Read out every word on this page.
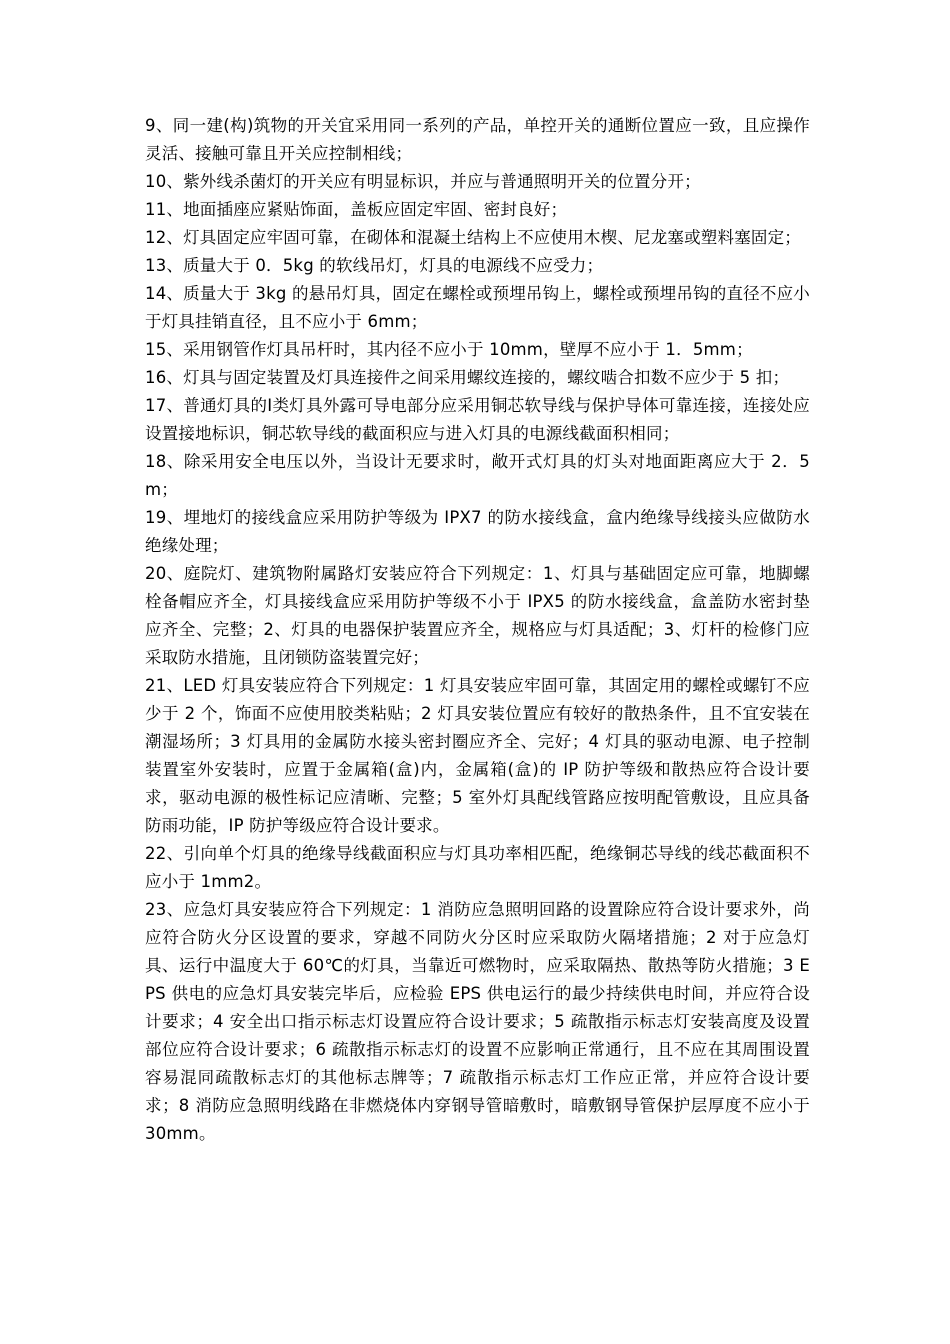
9、同一建(构)筑物的开关宜采用同一系列的产品，单控开关的通断位置应一致，且应操作灵活、接触可靠且开关应控制相线；

10、紫外线杀菌灯的开关应有明显标识，并应与普通照明开关的位置分开；

11、地面插座应紧贴饰面，盖板应固定牢固、密封良好；

12、灯具固定应牢固可靠，在砌体和混凝土结构上不应使用木楔、尼龙塞或塑料塞固定；

13、质量大于 0．5kg 的软线吊灯，灯具的电源线不应受力；

14、质量大于 3kg 的悬吊灯具，固定在螺栓或预埋吊钩上，螺栓或预埋吊钩的直径不应小于灯具挂销直径，且不应小于 6mm；

15、采用钢管作灯具吊杆时，其内径不应小于 10mm，壁厚不应小于 1．5mm；

16、灯具与固定装置及灯具连接件之间采用螺纹连接的，螺纹啮合扣数不应少于 5 扣；

17、普通灯具的Ⅰ类灯具外露可导电部分应采用铜芯软导线与保护导体可靠连接，连接处应设置接地标识，铜芯软导线的截面积应与进入灯具的电源线截面积相同；

18、除采用安全电压以外，当设计无要求时，敞开式灯具的灯头对地面距离应大于 2．5m；

19、埋地灯的接线盒应采用防护等级为 IPX7 的防水接线盒，盒内绝缘导线接头应做防水绝缘处理；

20、庭院灯、建筑物附属路灯安装应符合下列规定：1、灯具与基础固定应可靠，地脚螺栓备帽应齐全，灯具接线盒应采用防护等级不小于 IPX5 的防水接线盒，盒盖防水密封垫应齐全、完整；2、灯具的电器保护装置应齐全，规格应与灯具适配；3、灯杆的检修门应采取防水措施，且闭锁防盗装置完好；

21、LED 灯具安装应符合下列规定：1 灯具安装应牢固可靠，其固定用的螺栓或螺钉不应少于 2 个，饰面不应使用胶类粘贴；2 灯具安装位置应有较好的散热条件，且不宜安装在潮湿场所；3 灯具用的金属防水接头密封圈应齐全、完好；4 灯具的驱动电源、电子控制装置室外安装时，应置于金属箱(盒)内，金属箱(盒)的 IP 防护等级和散热应符合设计要求，驱动电源的极性标记应清晰、完整；5 室外灯具配线管路应按明配管敷设，且应具备防雨功能，IP 防护等级应符合设计要求。

22、引向单个灯具的绝缘导线截面积应与灯具功率相匹配，绝缘铜芯导线的线芯截面积不应小于 1mm2。

23、应急灯具安装应符合下列规定：1 消防应急照明回路的设置除应符合设计要求外，尚应符合防火分区设置的要求，穿越不同防火分区时应采取防火隔堵措施；2 对于应急灯具、运行中温度大于 60℃的灯具，当靠近可燃物时，应采取隔热、散热等防火措施；3 EPS 供电的应急灯具安装完毕后，应检验 EPS 供电运行的最少持续供电时间，并应符合设计要求；4 安全出口指示标志灯设置应符合设计要求；5 疏散指示标志灯安装高度及设置部位应符合设计要求；6 疏散指示标志灯的设置不应影响正常通行，且不应在其周围设置容易混同疏散标志灯的其他标志牌等；7 疏散指示标志灯工作应正常，并应符合设计要求；8 消防应急照明线路在非燃烧体内穿钢导管暗敷时，暗敷钢导管保护层厚度不应小于 30mm。
